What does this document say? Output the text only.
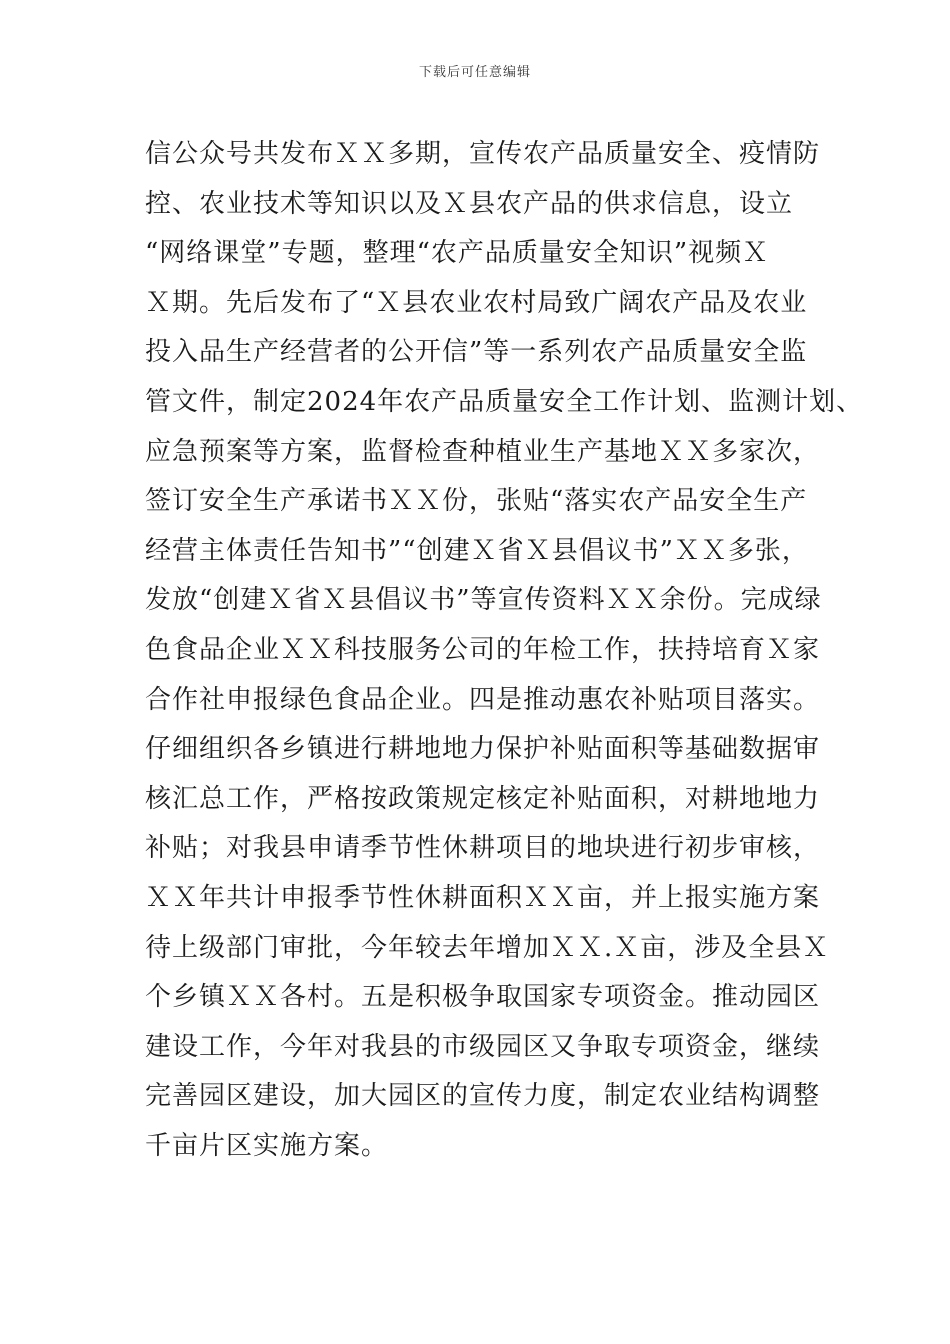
下载后可任意编辑
信公众号共发布ＸＸ多期，宣传农产品质量安全、疫情防
控、农业技术等知识以及Ｘ县农产品的供求信息，设立
“网络课堂”专题，整理“农产品质量安全知识”视频Ｘ
Ｘ期。先后发布了“Ｘ县农业农村局致广阔农产品及农业
投入品生产经营者的公开信”等一系列农产品质量安全监
管文件，制定2024年农产品质量安全工作计划、监测计划、
应急预案等方案，监督检查种植业生产基地ＸＸ多家次，
签订安全生产承诺书ＸＸ份，张贴“落实农产品安全生产
经营主体责任告知书”“创建Ｘ省Ｘ县倡议书”ＸＸ多张，
发放“创建Ｘ省Ｘ县倡议书”等宣传资料ＸＸ余份。完成绿
色食品企业ＸＸ科技服务公司的年检工作，扶持培育Ｘ家
合作社申报绿色食品企业。四是推动惠农补贴项目落实。
仔细组织各乡镇进行耕地地力保护补贴面积等基础数据审
核汇总工作，严格按政策规定核定补贴面积，对耕地地力
补贴；对我县申请季节性休耕项目的地块进行初步审核，
ＸＸ年共计申报季节性休耕面积ＸＸ亩，并上报实施方案
待上级部门审批，今年较去年增加ＸＸ.Ｘ亩，涉及全县Ｘ
个乡镇ＸＸ各村。五是积极争取国家专项资金。推动园区
建设工作，今年对我县的市级园区又争取专项资金，继续
完善园区建设，加大园区的宣传力度，制定农业结构调整
千亩片区实施方案。
